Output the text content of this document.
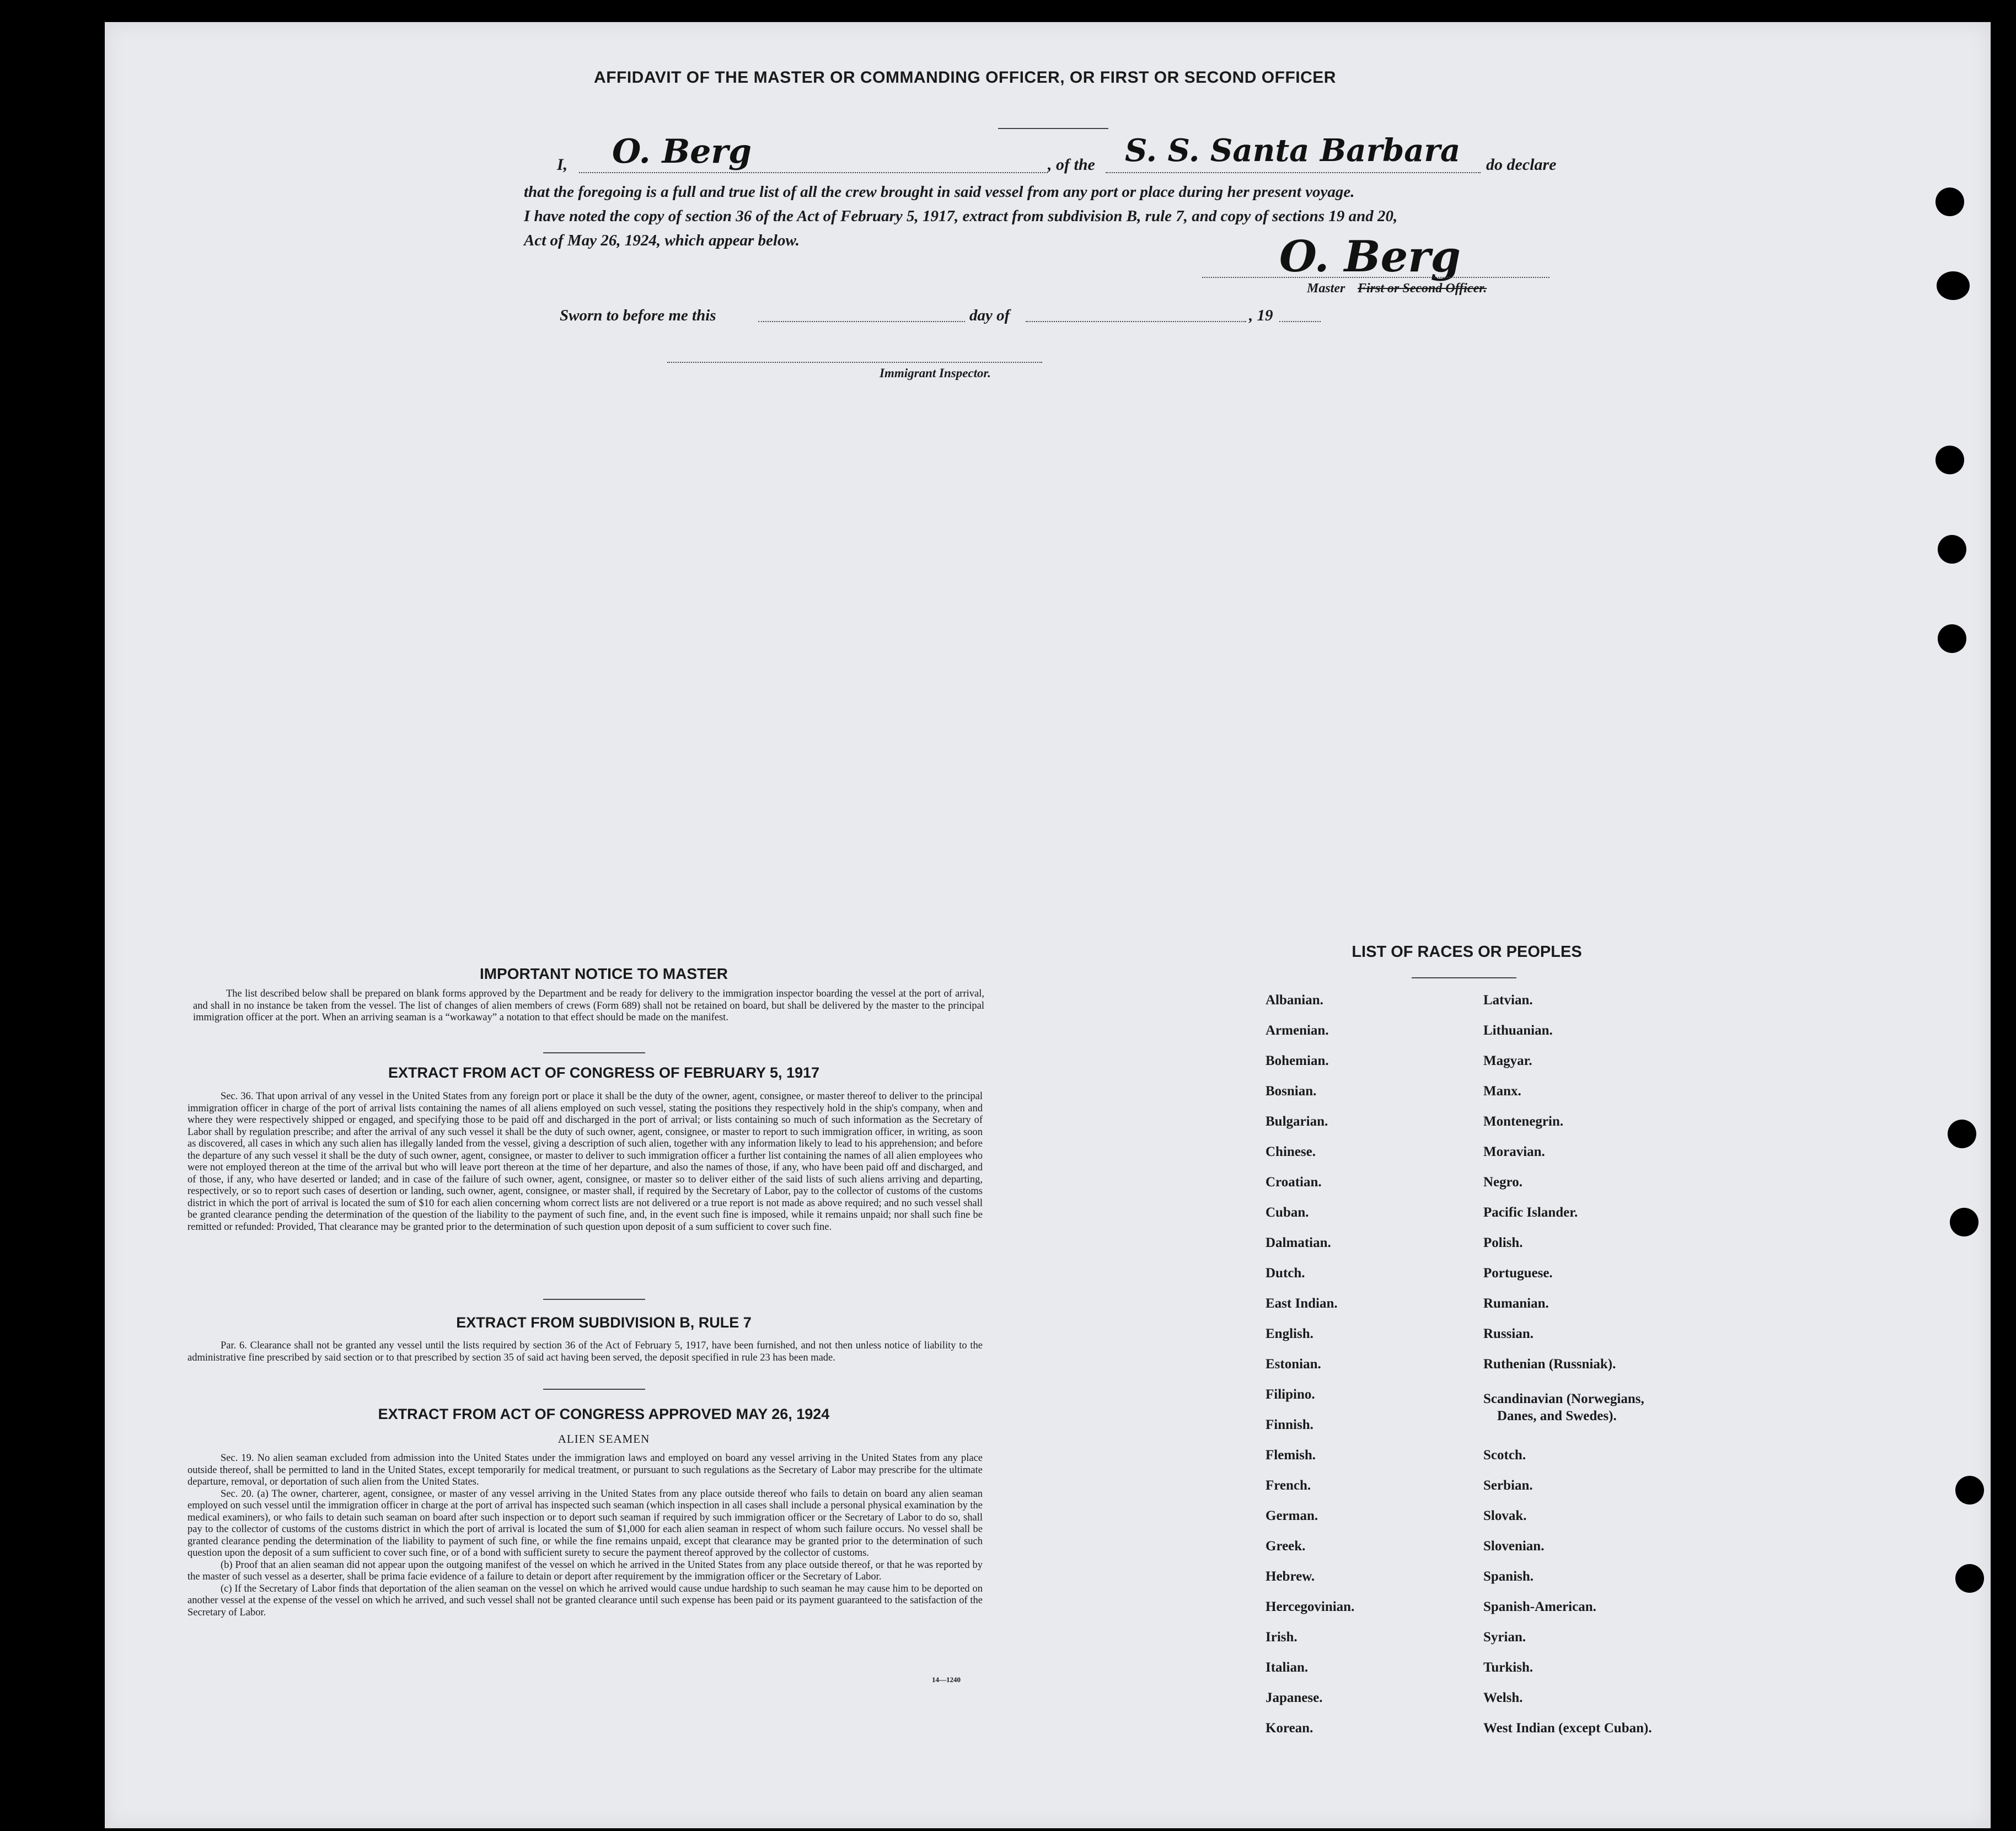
AFFIDAVIT OF THE MASTER OR COMMANDING OFFICER, OR FIRST OR SECOND OFFICER
I, O. Berg	, of the S. S. Santa Barbara do declare
that the foregoing is a full and true list of all the crew brought in said vessel from any port or place during her present voyage.
I have noted the copy of section 36 of the Act of February 5, 1917, extract from subdivision B, rule 7, and copy of sections 19 and 20,
Act of May 26, 1924, which appear below.	O. Berg
Master First or Second Officer.
Sworn to before me this	day of	, 19
Immigrant Inspector.
IMPORTANT NOTICE TO MASTER

The list described below shall be prepared on blank forms approved by the Department and be ready for delivery to the immigration inspector boarding the vessel at the port of arrival, and shall in no instance be taken from the vessel. The list of changes of alien members of crews (Form 689) shall not be retained on board, but shall be delivered by the master to the principal immigration officer at the port. When an arriving seaman is a “workaway” a notation to that effect should be made on the manifest.

EXTRACT FROM ACT OF CONGRESS OF FEBRUARY 5, 1917

Sec. 36. That upon arrival of any vessel in the United States from any foreign port or place it shall be the duty of the owner, agent, consignee, or master thereof to deliver to the principal immigration officer in charge of the port of arrival lists containing the names of all aliens employed on such vessel, stating the positions they respectively hold in the ship's company, when and where they were respectively shipped or engaged, and specifying those to be paid off and discharged in the port of arrival; or lists containing so much of such information as the Secretary of Labor shall by regulation prescribe; and after the arrival of any such vessel it shall be the duty of such owner, agent, consignee, or master to report to such immigration officer, in writing, as soon as discovered, all cases in which any such alien has illegally landed from the vessel, giving a description of such alien, together with any information likely to lead to his apprehension; and before the departure of any such vessel it shall be the duty of such owner, agent, consignee, or master to deliver to such immigration officer a further list containing the names of all alien employees who were not employed thereon at the time of the arrival but who will leave port thereon at the time of her departure, and also the names of those, if any, who have been paid off and discharged, and of those, if any, who have deserted or landed; and in case of the failure of such owner, agent, consignee, or master so to deliver either of the said lists of such aliens arriving and departing, respectively, or so to report such cases of desertion or landing, such owner, agent, consignee, or master shall, if required by the Secretary of Labor, pay to the collector of customs of the customs district in which the port of arrival is located the sum of $10 for each alien concerning whom correct lists are not delivered or a true report is not made as above required; and no such vessel shall be granted clearance pending the determination of the question of the liability to the payment of such fine, and, in the event such fine is imposed, while it remains unpaid; nor shall such fine be remitted or refunded: Provided, That clearance may be granted prior to the determination of such question upon deposit of a sum sufficient to cover such fine.

EXTRACT FROM SUBDIVISION B, RULE 7

Par. 6. Clearance shall not be granted any vessel until the lists required by section 36 of the Act of February 5, 1917, have been furnished, and not then unless notice of liability to the administrative fine prescribed by said section or to that prescribed by section 35 of said act having been served, the deposit specified in rule 23 has been made.

EXTRACT FROM ACT OF CONGRESS APPROVED MAY 26, 1924
ALIEN SEAMEN

Sec. 19. No alien seaman excluded from admission into the United States under the immigration laws and employed on board any vessel arriving in the United States from any place outside thereof, shall be permitted to land in the United States, except temporarily for medical treatment, or pursuant to such regulations as the Secretary of Labor may prescribe for the ultimate departure, removal, or deportation of such alien from the United States.

Sec. 20. (a) The owner, charterer, agent, consignee, or master of any vessel arriving in the United States from any place outside thereof who fails to detain on board any alien seaman employed on such vessel until the immigration officer in charge at the port of arrival has inspected such seaman (which inspection in all cases shall include a personal physical examination by the medical examiners), or who fails to detain such seaman on board after such inspection or to deport such seaman if required by such immigration officer or the Secretary of Labor to do so, shall pay to the collector of customs of the customs district in which the port of arrival is located the sum of $1,000 for each alien seaman in respect of whom such failure occurs. No vessel shall be granted clearance pending the determination of the liability to payment of such fine, or while the fine remains unpaid, except that clearance may be granted prior to the determination of such question upon the deposit of a sum sufficient to cover such fine, or of a bond with sufficient surety to secure the payment thereof approved by the collector of customs.

(b) Proof that an alien seaman did not appear upon the outgoing manifest of the vessel on which he arrived in the United States from any place outside thereof, or that he was reported by the master of such vessel as a deserter, shall be prima facie evidence of a failure to detain or deport after requirement by the immigration officer or the Secretary of Labor.

(c) If the Secretary of Labor finds that deportation of the alien seaman on the vessel on which he arrived would cause undue hardship to such seaman he may cause him to be deported on another vessel at the expense of the vessel on which he arrived, and such vessel shall not be granted clearance until such expense has been paid or its payment guaranteed to the satisfaction of the Secretary of Labor.

14—1240
LIST OF RACES OR PEOPLES
Albanian.
Armenian.
Bohemian.
Bosnian.
Bulgarian.
Chinese.
Croatian.
Cuban.
Dalmatian.
Dutch.
East Indian.
English.
Estonian.
Filipino.
Finnish.
Flemish.
French.
German.
Greek.
Hebrew.
Hercegovinian.
Irish.
Italian.
Japanese.
Korean.
Latvian.
Lithuanian.
Magyar.
Manx.
Montenegrin.
Moravian.
Negro.
Pacific Islander.
Polish.
Portuguese.
Rumanian.
Russian.
Ruthenian (Russniak).
Scandinavian (Norwegians,
Danes, and Swedes).
Scotch.
Serbian.
Slovak.
Slovenian.
Spanish.
Spanish-American.
Syrian.
Turkish.
Welsh.
West Indian (except Cuban).
